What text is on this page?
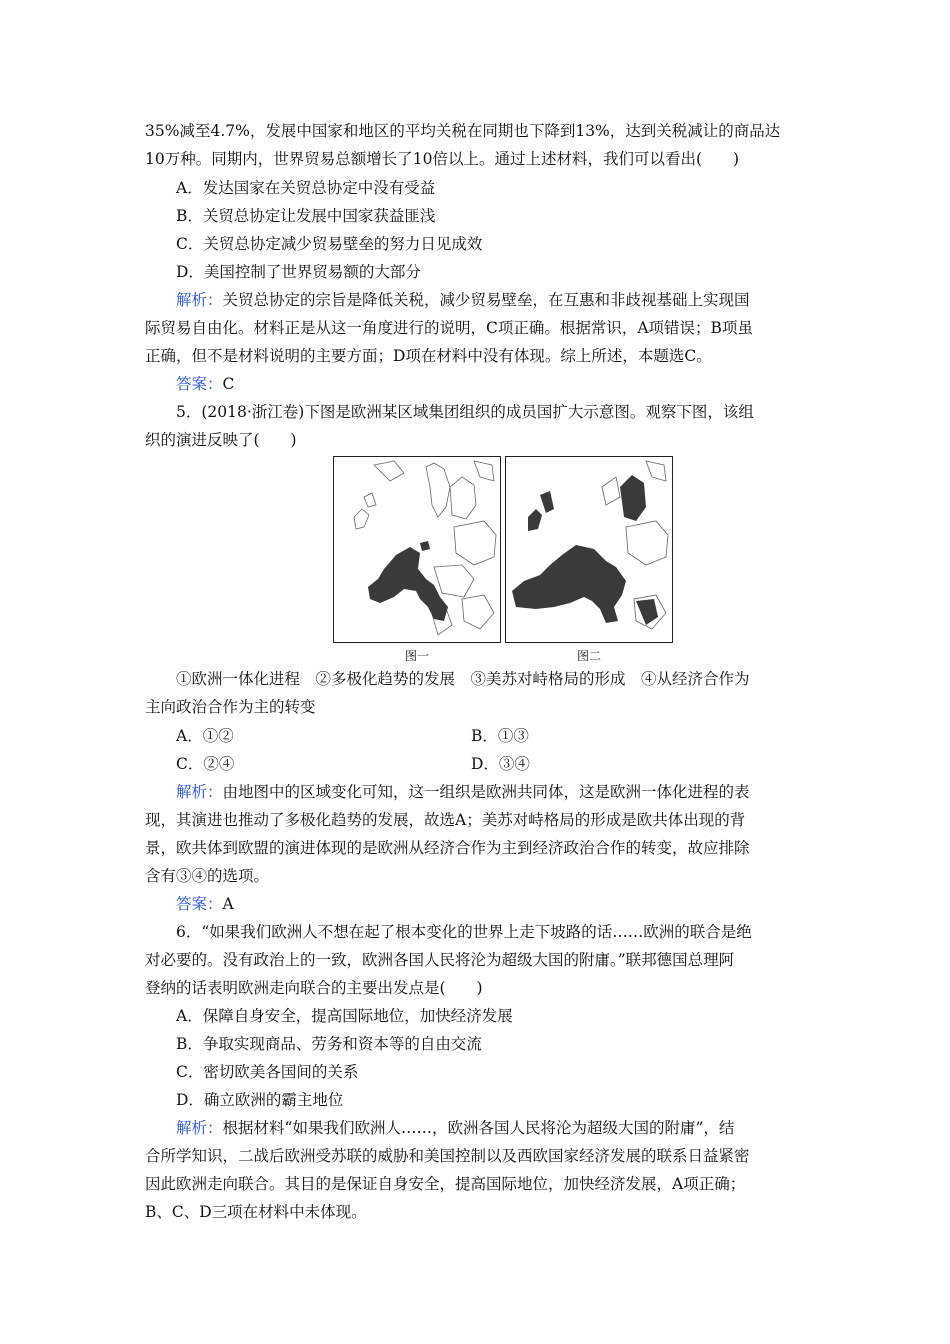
35%减至4.7%，发展中国家和地区的平均关税在同期也下降到13%，达到关税减让的商品达
10万种。同期内，世界贸易总额增长了10倍以上。通过上述材料，我们可以看出(　　)
A．发达国家在关贸总协定中没有受益
B．关贸总协定让发展中国家获益匪浅
C．关贸总协定减少贸易壁垒的努力日见成效
D．美国控制了世界贸易额的大部分
解析：关贸总协定的宗旨是降低关税，减少贸易壁垒，在互惠和非歧视基础上实现国
际贸易自由化。材料正是从这一角度进行的说明，C项正确。根据常识，A项错误；B项虽
正确，但不是材料说明的主要方面；D项在材料中没有体现。综上所述，本题选C。
答案：C
5．(2018·浙江卷)下图是欧洲某区域集团组织的成员国扩大示意图。观察下图，该组
织的演进反映了(　　)
图一	图二
①欧洲一体化进程　②多极化趋势的发展　③美苏对峙格局的形成　④从经济合作为
主向政治合作为主的转变
A．①②	B．①③
C．②④	D．③④
解析：由地图中的区域变化可知，这一组织是欧洲共同体，这是欧洲一体化进程的表
现，其演进也推动了多极化趋势的发展，故选A；美苏对峙格局的形成是欧共体出现的背
景，欧共体到欧盟的演进体现的是欧洲从经济合作为主到经济政治合作的转变，故应排除
含有③④的选项。
答案：A
6．“如果我们欧洲人不想在起了根本变化的世界上走下坡路的话……欧洲的联合是绝
对必要的。没有政治上的一致，欧洲各国人民将沦为超级大国的附庸。”联邦德国总理阿
登纳的话表明欧洲走向联合的主要出发点是(　　)
A．保障自身安全，提高国际地位，加快经济发展
B．争取实现商品、劳务和资本等的自由交流
C．密切欧美各国间的关系
D．确立欧洲的霸主地位
解析：根据材料“如果我们欧洲人……，欧洲各国人民将沦为超级大国的附庸”，结
合所学知识，二战后欧洲受苏联的威胁和美国控制以及西欧国家经济发展的联系日益紧密
因此欧洲走向联合。其目的是保证自身安全，提高国际地位，加快经济发展，A项正确；
B、C、D三项在材料中未体现。
